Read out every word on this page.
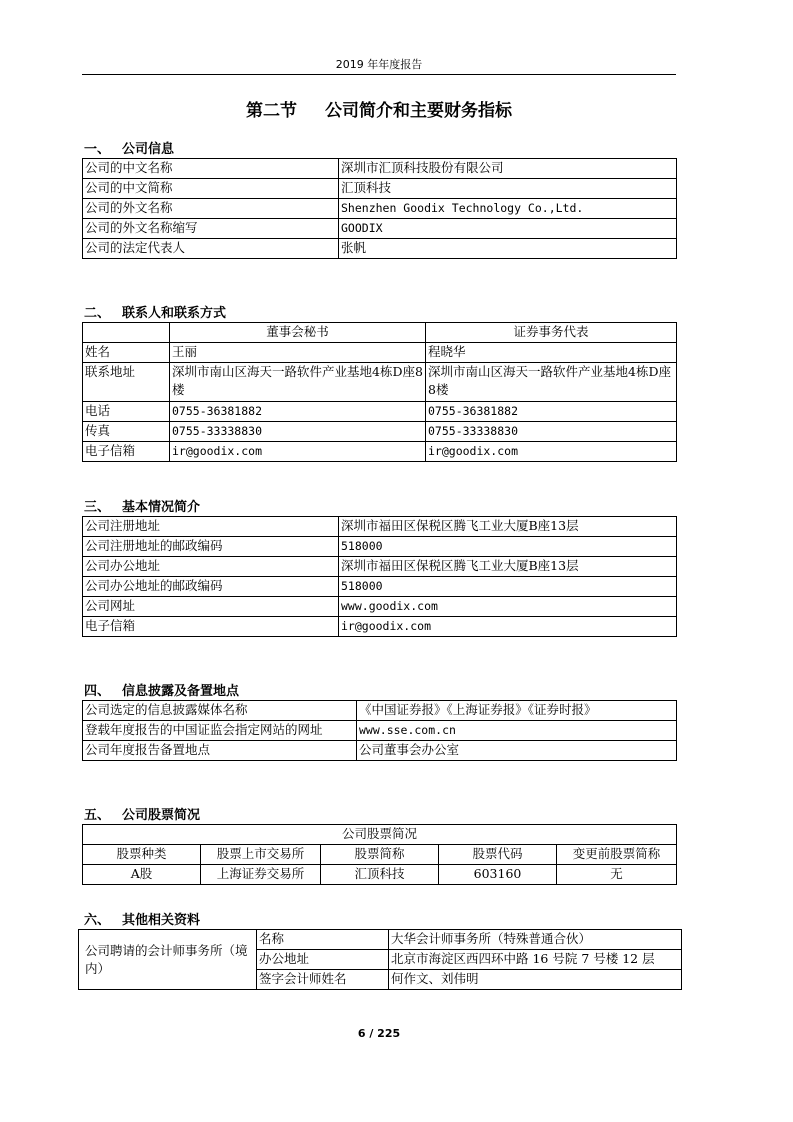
2019 年年度报告
第二节 公司简介和主要财务指标
一、 公司信息
公司的中文名称	深圳市汇顶科技股份有限公司
公司的中文简称	汇顶科技
公司的外文名称	Shenzhen Goodix Technology Co.,Ltd.
公司的外文名称缩写	GOODIX
公司的法定代表人	张帆
二、 联系人和联系方式
	董事会秘书	证券事务代表
姓名	王丽	程晓华
联系地址	深圳市南山区海天一路软件产业基地4栋D座8楼	深圳市南山区海天一路软件产业基地4栋D座8楼
电话	0755-36381882	0755-36381882
传真	0755-33338830	0755-33338830
电子信箱	ir@goodix.com	ir@goodix.com
三、 基本情况简介
公司注册地址	深圳市福田区保税区腾飞工业大厦B座13层
公司注册地址的邮政编码	518000
公司办公地址	深圳市福田区保税区腾飞工业大厦B座13层
公司办公地址的邮政编码	518000
公司网址	www.goodix.com
电子信箱	ir@goodix.com
四、 信息披露及备置地点
公司选定的信息披露媒体名称	《中国证券报》《上海证券报》《证券时报》
登载年度报告的中国证监会指定网站的网址	www.sse.com.cn
公司年度报告备置地点	公司董事会办公室
五、 公司股票简况
公司股票简况				
股票种类	股票上市交易所	股票简称	股票代码	变更前股票简称
A股	上海证券交易所	汇顶科技	603160	无
六、 其他相关资料
公司聘请的会计师事务所（境内）	名称	大华会计师事务所（特殊普通合伙）
	办公地址	北京市海淀区西四环中路 16 号院 7 号楼 12 层
	签字会计师姓名	何作文、刘伟明
6 / 225
